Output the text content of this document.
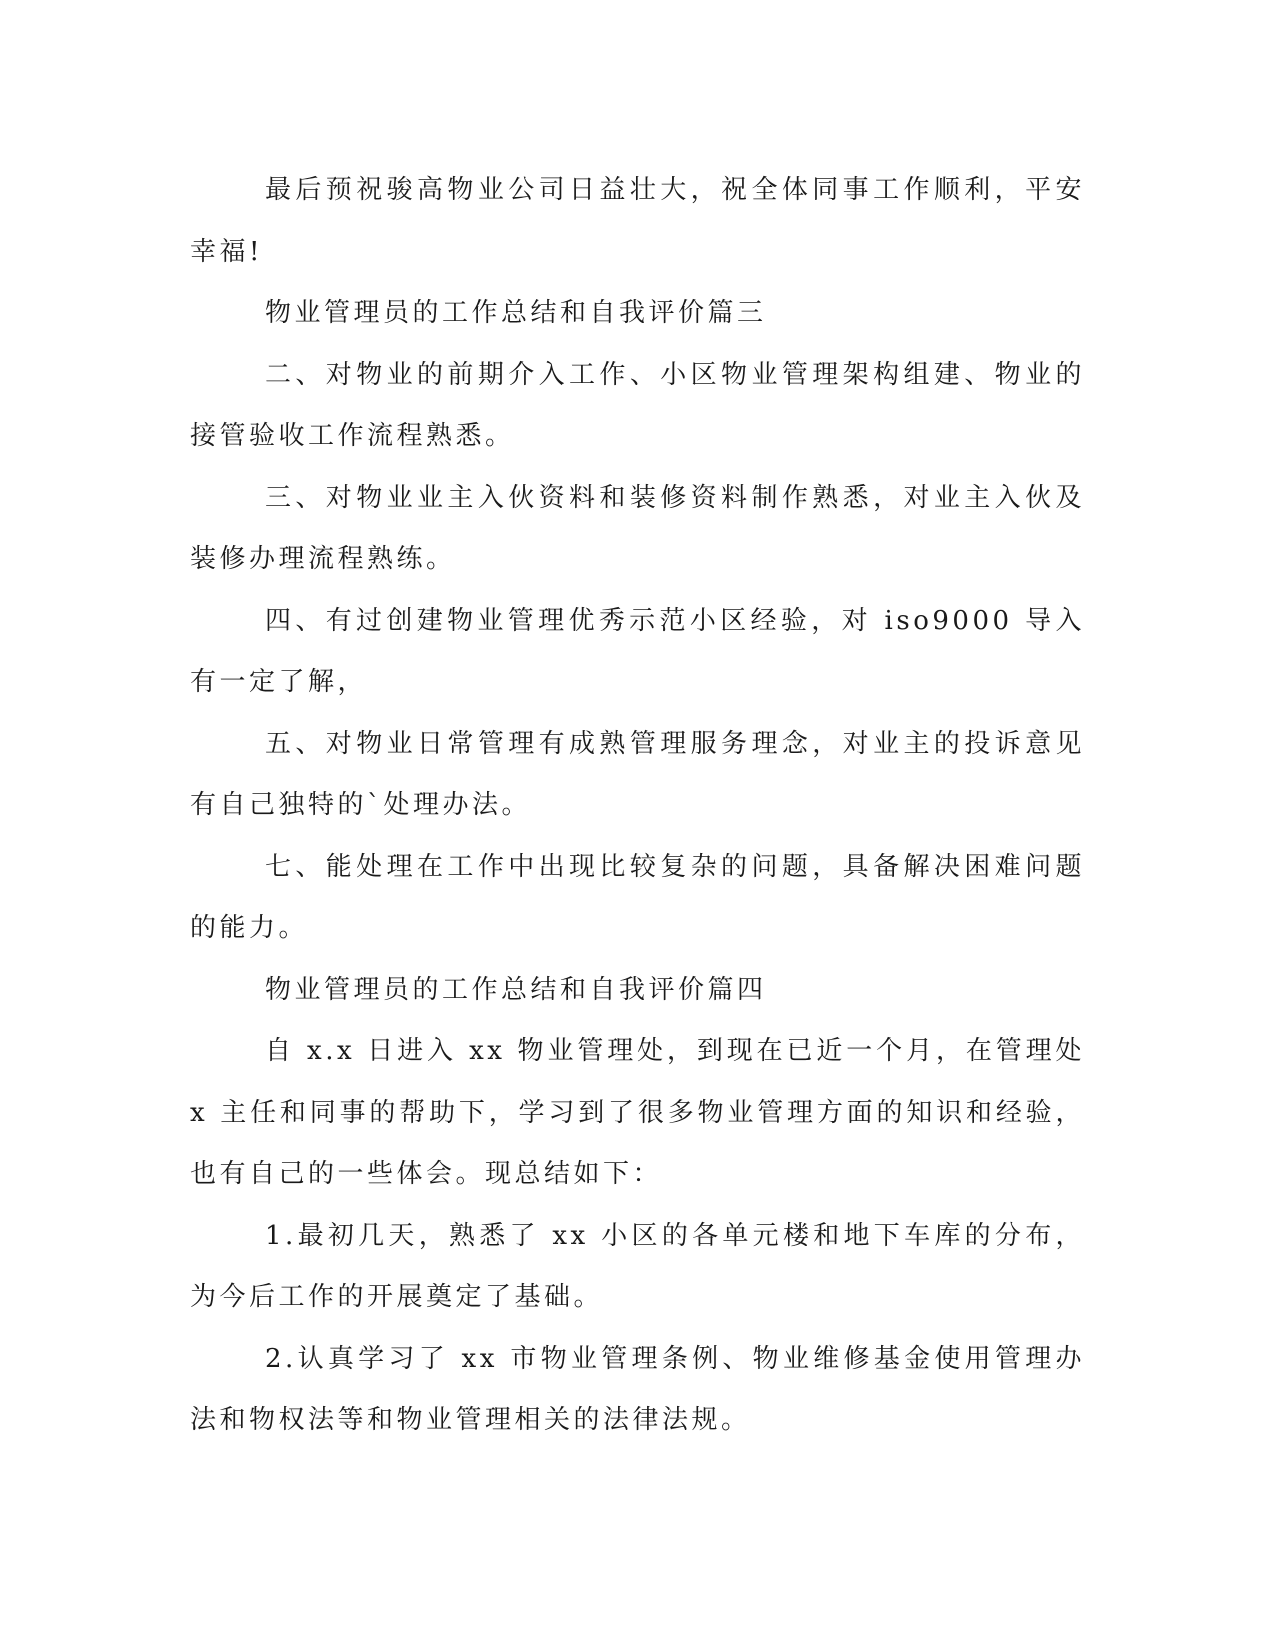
最后预祝骏高物业公司日益壮大，祝全体同事工作顺利，平安幸福!

物业管理员的工作总结和自我评价篇三

二、对物业的前期介入工作、小区物业管理架构组建、物业的接管验收工作流程熟悉。

三、对物业业主入伙资料和装修资料制作熟悉，对业主入伙及装修办理流程熟练。

四、有过创建物业管理优秀示范小区经验，对 iso9000 导入有一定了解，

五、对物业日常管理有成熟管理服务理念，对业主的投诉意见有自己独特的`处理办法。

七、能处理在工作中出现比较复杂的问题，具备解决困难问题的能力。

物业管理员的工作总结和自我评价篇四

自 x.x 日进入 xx 物业管理处，到现在已近一个月，在管理处 x 主任和同事的帮助下，学习到了很多物业管理方面的知识和经验，也有自己的一些体会。现总结如下：

1.最初几天，熟悉了 xx 小区的各单元楼和地下车库的分布，为今后工作的开展奠定了基础。

2.认真学习了 xx 市物业管理条例、物业维修基金使用管理办法和物权法等和物业管理相关的法律法规。
